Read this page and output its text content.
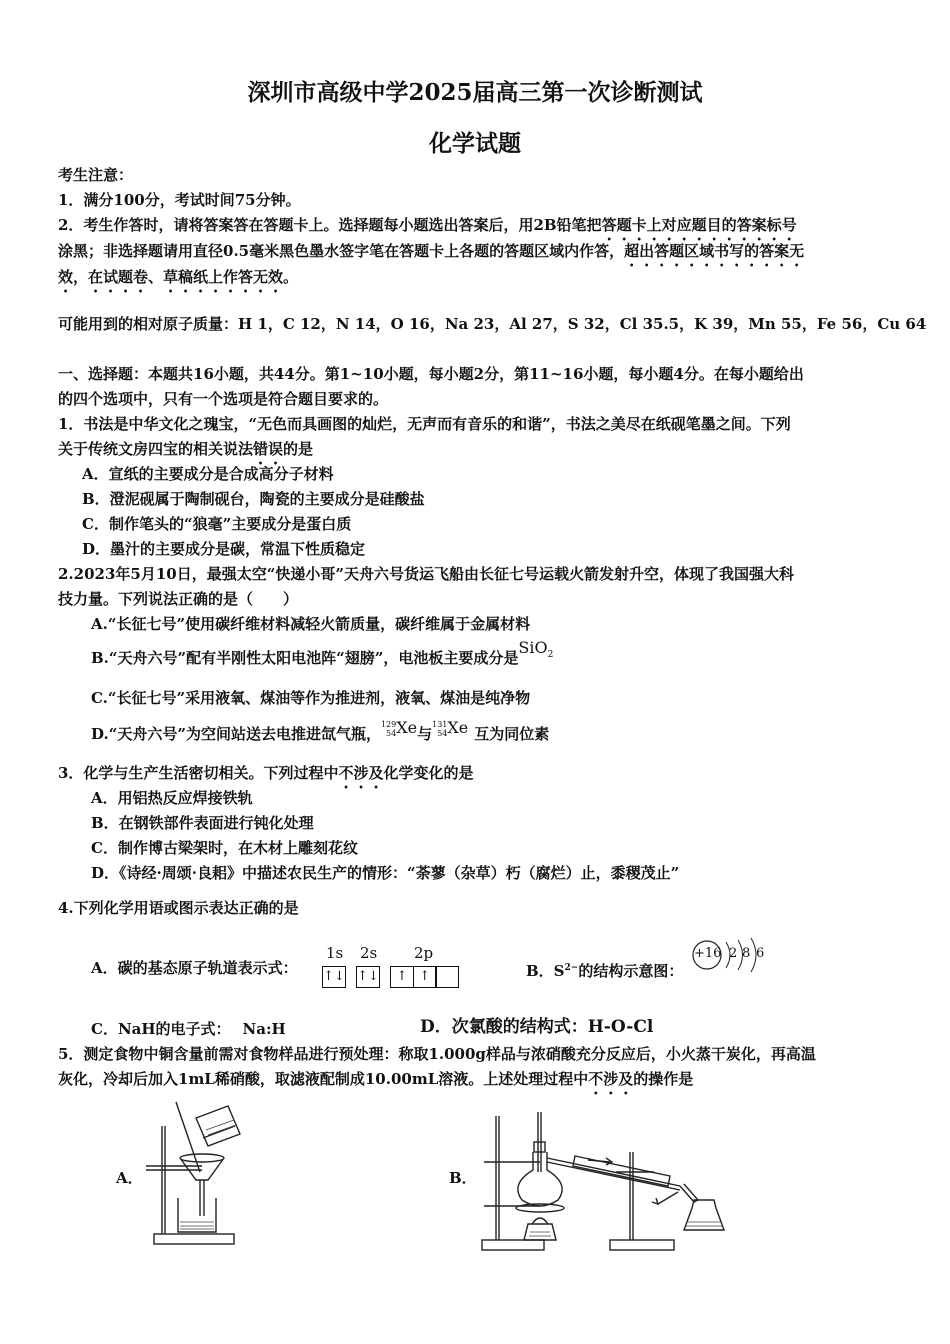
深圳市高级中学2025届高三第一次诊断测试
化学试题
考生注意：
1．满分100分，考试时间75分钟。
2．考生作答时，请将答案答在答题卡上。选择题每小题选出答案后，用2B铅笔把答题卡上对应题目的答案标号
涂黑；非选择题请用直径0.5毫米黑色墨水签字笔在答题卡上各题的答题区域内作答，超出答题区域书写的答案无
效，在试题卷、草稿纸上作答无效。
可能用到的相对原子质量：H 1，C 12，N 14，O 16，Na 23，Al 27，S 32，Cl 35.5，K 39，Mn 55，Fe 56，Cu 64
一、选择题：本题共16小题，共44分。第1~10小题，每小题2分，第11~16小题，每小题4分。在每小题给出
的四个选项中，只有一个选项是符合题目要求的。
1．书法是中华文化之瑰宝，“无色而具画图的灿烂，无声而有音乐的和谐”，书法之美尽在纸砚笔墨之间。下列
关于传统文房四宝的相关说法错误的是
A．宣纸的主要成分是合成高分子材料
B．澄泥砚属于陶制砚台，陶瓷的主要成分是硅酸盐
C．制作笔头的“狼毫”主要成分是蛋白质
D．墨汁的主要成分是碳，常温下性质稳定
2.2023年5月10日，最强太空“快递小哥”天舟六号货运飞船由长征七号运载火箭发射升空，体现了我国强大科
技力量。下列说法正确的是（　　）
A.“长征七号”使用碳纤维材料减轻火箭质量，碳纤维属于金属材料
B.“天舟六号”配有半刚性太阳电池阵“翅膀”，电池板主要成分是SiO$_2$
C.“长征七号”采用液氧、煤油等作为推进剂，液氧、煤油是纯净物
D.“天舟六号”为空间站送去电推进氙气瓶，129
54Xe与131
54Xe 互为同位素
3．化学与生产生活密切相关。下列过程中不涉及化学变化的是
A．用铝热反应焊接铁轨
B．在钢铁部件表面进行钝化处理
C．制作博古梁架时，在木材上雕刻花纹
D．《诗经·周颂·良耜》中描述农民生产的情形：“荼蓼（杂草）朽（腐烂）止，黍稷茂止”
4.下列化学用语或图示表达正确的是
A．碳的基态原子轨道表示式：
1s 2s 2p
↑↓ ↑↓	↑ ↑	B．$S^{2-}$的结构示意图：
+16 2 8 6
C．NaH的电子式： Na:H	D．次氯酸的结构式：H-O-Cl
5．测定食物中铜含量前需对食物样品进行预处理：称取1.000g样品与浓硝酸充分反应后，小火蒸干炭化，再高温
灰化，冷却后加入1mL稀硝酸，取滤液配制成10.00mL溶液。上述处理过程中不涉及的操作是
A．	B．
